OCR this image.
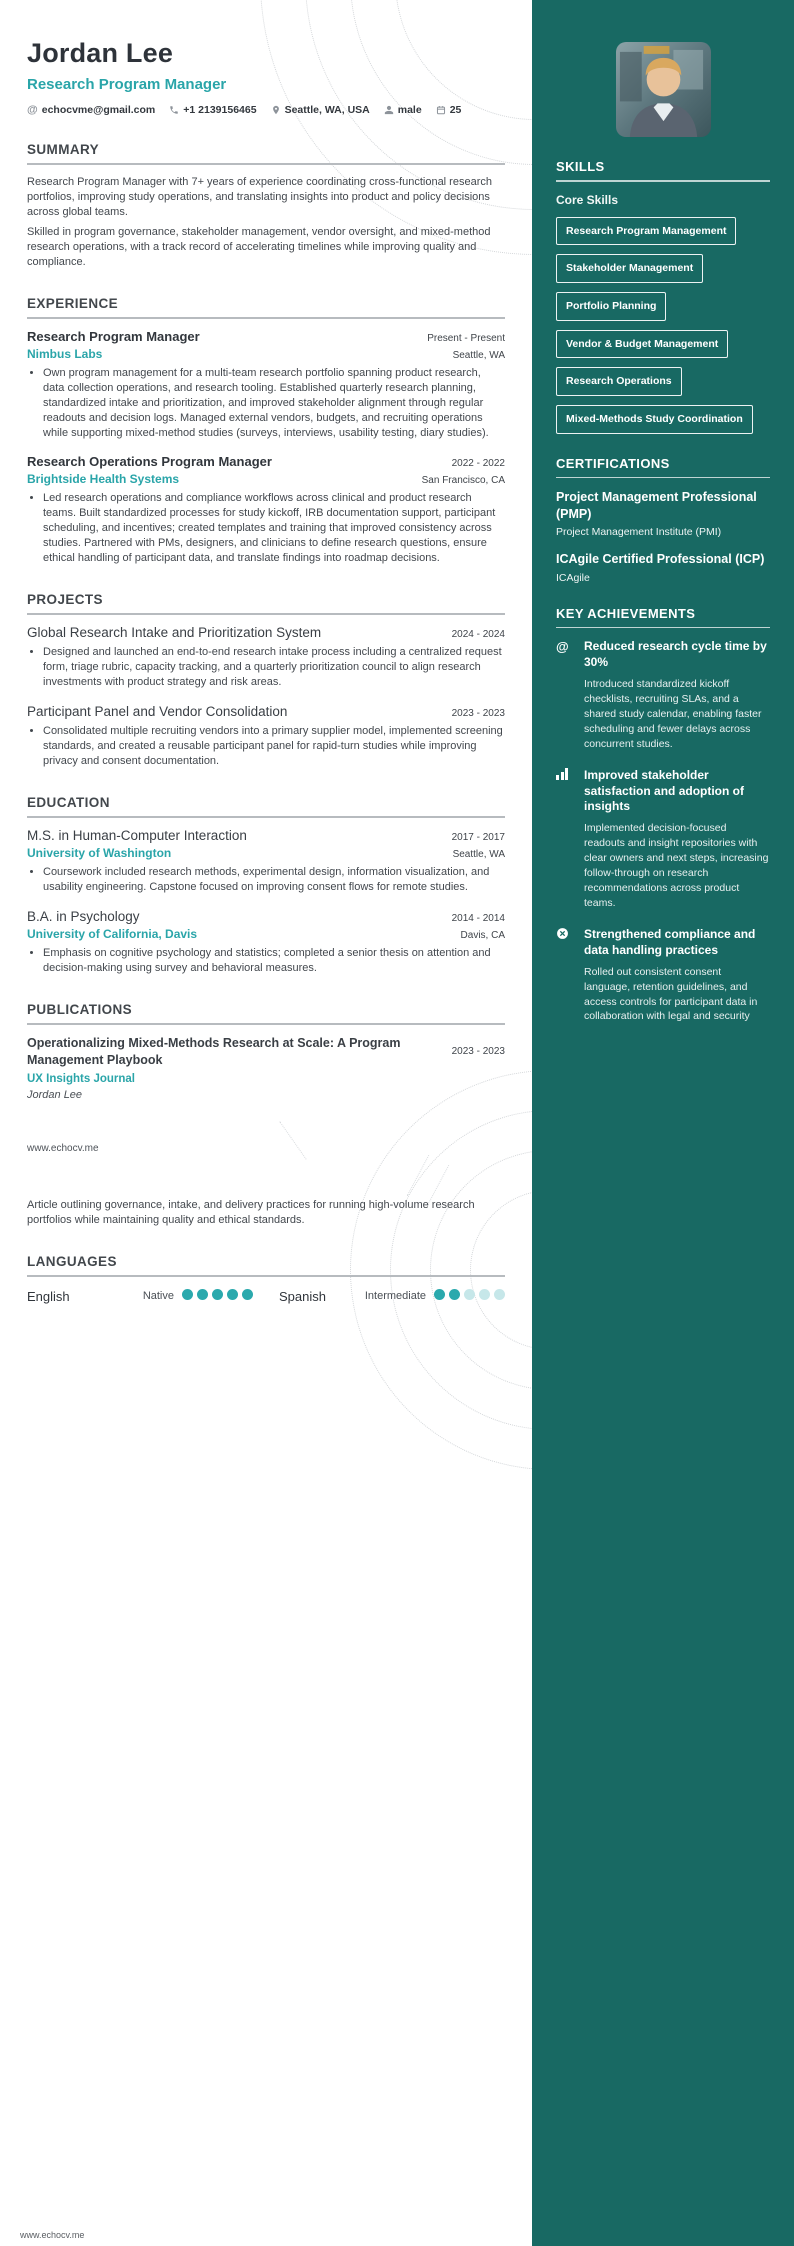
Jordan Lee
Research Program Manager
@ echocvme@gmail.com	+1 2139156465	Seattle, WA, USA	male	25
SUMMARY

Research Program Manager with 7+ years of experience coordinating cross-functional research portfolios, improving study operations, and translating insights into product and policy decisions across global teams.

Skilled in program governance, stakeholder management, vendor oversight, and mixed-method research operations, with a track record of accelerating timelines while improving quality and compliance.

EXPERIENCE
Research Program Manager	Present - Present
Nimbus Labs	Seattle, WA
• Own program management for a multi-team research portfolio spanning product research, data collection operations, and research tooling. Established quarterly research planning, standardized intake and prioritization, and improved stakeholder alignment through regular readouts and decision logs. Managed external vendors, budgets, and recruiting operations while supporting mixed-method studies (surveys, interviews, usability testing, diary studies).
Research Operations Program Manager	2022 - 2022
Brightside Health Systems	San Francisco, CA
• Led research operations and compliance workflows across clinical and product research teams. Built standardized processes for study kickoff, IRB documentation support, participant scheduling, and incentives; created templates and training that improved consistency across studies. Partnered with PMs, designers, and clinicians to define research questions, ensure ethical handling of participant data, and translate findings into roadmap decisions.
PROJECTS
Global Research Intake and Prioritization System	2024 - 2024
• Designed and launched an end-to-end research intake process including a centralized request form, triage rubric, capacity tracking, and a quarterly prioritization council to align research investments with product strategy and risk areas.
Participant Panel and Vendor Consolidation	2023 - 2023
• Consolidated multiple recruiting vendors into a primary supplier model, implemented screening standards, and created a reusable participant panel for rapid-turn studies while improving privacy and consent documentation.
EDUCATION
M.S. in Human-Computer Interaction	2017 - 2017
University of Washington	Seattle, WA
• Coursework included research methods, experimental design, information visualization, and usability engineering. Capstone focused on improving consent flows for remote studies.
B.A. in Psychology	2014 - 2014
University of California, Davis	Davis, CA
• Emphasis on cognitive psychology and statistics; completed a senior thesis on attention and decision-making using survey and behavioral measures.
PUBLICATIONS
Operationalizing Mixed-Methods Research at Scale: A Program Management Playbook
2023 - 2023
UX Insights Journal
Jordan Lee
www.echocv.me

Article outlining governance, intake, and delivery practices for running high-volume research portfolios while maintaining quality and ethical standards.

LANGUAGES
English	Native	Spanish	Intermediate
SKILLS
Core Skills
Research Program Management
Stakeholder Management
Portfolio Planning
Vendor & Budget Management
Research Operations
Mixed-Methods Study Coordination
CERTIFICATIONS
Project Management Professional (PMP)
Project Management Institute (PMI)
ICAgile Certified Professional (ICP)
ICAgile
KEY ACHIEVEMENTS
@	Reduced research cycle time by 30%
Introduced standardized kickoff checklists, recruiting SLAs, and a shared study calendar, enabling faster scheduling and fewer delays across concurrent studies.
Improved stakeholder satisfaction and adoption of insights
Implemented decision-focused readouts and insight repositories with clear owners and next steps, increasing follow-through on research recommendations across product teams.
Strengthened compliance and data handling practices
Rolled out consistent consent language, retention guidelines, and access controls for participant data in collaboration with legal and security
www.echocv.me
